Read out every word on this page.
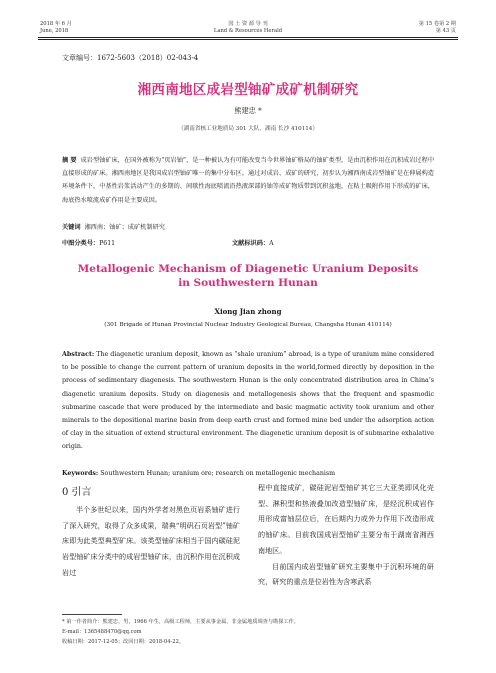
2018 年 6 月
June, 2018
国 土 资 源 导 刊
Land & Resources Herald
第 15 卷第 2 期
第 43 页
文章编号：1672-5603（2018）02-043-4
湘西南地区成岩型铀矿成矿机制研究
熊建忠 *
（湖南省核工业地质局 301 大队，湖南 长沙 410114）
摘 要 成岩型铀矿床，在国外被称为“页岩铀”，是一种被认为有可能改变当今世界铀矿格局的铀矿类型，是由沉积作用在沉积成岩过程中直接形成的矿床。湘西南地区是我国成岩型铀矿唯一的集中分布区。通过对成岩、成矿的研究，初步认为湘西南成岩型铀矿是在伸展构造环境条件下，中基性岩浆活动产生的多期的、间歇性海底喷流沿热液深部的铀等成矿物质带到沉积盆地，在粘土吸附作用下形成的矿床，海底热水喷流成矿作用是主要成因。
关键词 湘西南；铀矿；成矿机制研究
中图分类号：P611	文献标识码：A
Metallogenic Mechanism of Diagenetic Uranium Deposits
in Southwestern Hunan
Xiong Jian zhong
(301 Brigade of Hunan Provincial Nuclear Industry Geological Bureau, Changsha Hunan 410114)
Abstract: The diagenetic uranium deposit, known as “shale uranium” abroad, is a type of uranium mine considered to be possible to change the current pattern of uranium deposits in the world,formed directly by deposition in the process of sedimentary diagenesis. The southwestern Hunan is the only concentrated distribution area in China’s diagenetic uranium deposits. Study on diagenesis and metallogenesis shows that the frequent and spasmodic submarine cascade that were produced by the intermediate and basic magmatic activity took uranium and other minerals to the depositional marine basin from deep earth crust and formed mine bed under the adsorption action of clay in the situation of extend structural environment. The diagenetic uranium deposit is of submarine exhalative origin.
Keywords: Southwestern Hunan; uranium ore; research on metallogenic mechanism
0 引言
半个多世纪以来，国内外学者对黑色页岩系铀矿进行了深入研究，取得了众多成果，瑞典“明矾石页岩型”铀矿床即为此类型典型矿床。该类型铀矿床相当于国内碳硅泥岩型铀矿床分类中的成岩型铀矿床，由沉积作用在沉积成岩过
程中直接成矿，碳硅泥岩型铀矿其它三大亚类即风化壳型、淋积型和热液叠加改造型铀矿床，是经沉积成岩作用形成富铀层位后，在后期内力或外力作用下改造形成的铀矿床。目前我国成岩型铀矿主要分布于湖南省湘西南地区。
目前国内成岩型铀矿研究主要集中于沉积环境的研究，研究的重点是位岩性为含寒武系
* 第一作者简介：熊建忠，男，1966 年生，高级工程师，主要从事金属、非金属地质调查与勘探工作。
E-mail：1365488470@qq.com
收稿日期：2017-12-05；改回日期：2018-04-22。
